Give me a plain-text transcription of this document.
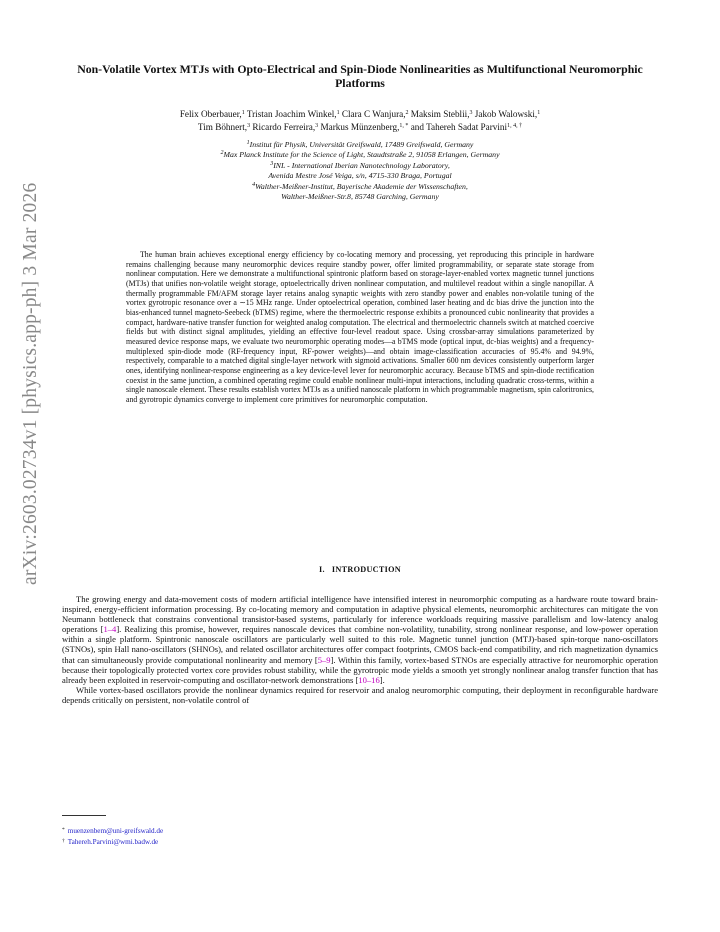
arXiv:2603.02734v1 [physics.app-ph] 3 Mar 2026
Non-Volatile Vortex MTJs with Opto-Electrical and Spin-Diode Nonlinearities as Multifunctional Neuromorphic Platforms
Felix Oberbauer,$^1$ Tristan Joachim Winkel,$^1$ Clara C Wanjura,$^2$ Maksim Steblii,$^3$ Jakob Walowski,$^1$
Tim Böhnert,$^3$ Ricardo Ferreira,$^3$ Markus Münzenberg,$^{1, *}$ and Tahereh Sadat Parvini$^{1, 4, \dagger}$
$^1$Institut für Physik, Universität Greifswald, 17489 Greifswald, Germany
$^2$Max Planck Institute for the Science of Light, Staudtstraße 2, 91058 Erlangen, Germany
$^3$INL - International Iberian Nanotechnology Laboratory,
Avenida Mestre José Veiga, s/n, 4715-330 Braga, Portugal
$^4$Walther-Meißner-Institut, Bayerische Akademie der Wissenschaften,
Walther-Meißner-Str.8, 85748 Garching, Germany

The human brain achieves exceptional energy efficiency by co-locating memory and processing, yet reproducing this principle in hardware remains challenging because many neuromorphic devices require standby power, offer limited programmability, or separate state storage from nonlinear computation. Here we demonstrate a multifunctional spintronic platform based on storage-layer-enabled vortex magnetic tunnel junctions (MTJs) that unifies non-volatile weight storage, optoelectrically driven nonlinear computation, and multilevel readout within a single nanopillar. A thermally programmable FM/AFM storage layer retains analog synaptic weights with zero standby power and enables non-volatile tuning of the vortex gyrotropic resonance over a ∼15 MHz range. Under optoelectrical operation, combined laser heating and dc bias drive the junction into the bias-enhanced tunnel magneto-Seebeck (bTMS) regime, where the thermoelectric response exhibits a pronounced cubic nonlinearity that provides a compact, hardware-native transfer function for weighted analog computation. The electrical and thermoelectric channels switch at matched coercive fields but with distinct signal amplitudes, yielding an effective four-level readout space. Using crossbar-array simulations parameterized by measured device response maps, we evaluate two neuromorphic operating modes—a bTMS mode (optical input, dc-bias weights) and a frequency-multiplexed spin-diode mode (RF-frequency input, RF-power weights)—and obtain image-classification accuracies of 95.4% and 94.9%, respectively, comparable to a matched digital single-layer network with sigmoid activations. Smaller 600 nm devices consistently outperform larger ones, identifying nonlinear-response engineering as a key device-level lever for neuromorphic accuracy. Because bTMS and spin-diode rectification coexist in the same junction, a combined operating regime could enable nonlinear multi-input interactions, including quadratic cross-terms, within a single nanoscale element. These results establish vortex MTJs as a unified nanoscale platform in which programmable magnetism, spin caloritronics, and gyrotropic dynamics converge to implement core primitives for neuromorphic computation.

I. INTRODUCTION

The growing energy and data-movement costs of modern artificial intelligence have intensified interest in neuromorphic computing as a hardware route toward brain-inspired, energy-efficient information processing. By co-locating memory and computation in adaptive physical elements, neuromorphic architectures can mitigate the von Neumann bottleneck that constrains conventional transistor-based systems, particularly for inference workloads requiring massive parallelism and low-latency analog operations [1–4]. Realizing this promise, however, requires nanoscale devices that combine non-volatility, tunability, strong nonlinear response, and low-power operation within a single platform. Spintronic nanoscale oscillators are particularly well suited to this role. Magnetic tunnel junction (MTJ)-based spin-torque nano-oscillators (STNOs), spin Hall nano-oscillators (SHNOs), and related oscillator architectures offer compact footprints, CMOS back-end compatibility, and rich magnetization dynamics that can simultaneously provide computational nonlinearity and memory [5–9]. Within this family, vortex-based STNOs are especially attractive for neuromorphic operation because their topologically protected vortex core provides robust stability, while the gyrotropic mode yields a smooth yet strongly nonlinear analog transfer function that has already been exploited in reservoir-computing and oscillator-network demonstrations [10–16].

While vortex-based oscillators provide the nonlinear dynamics required for reservoir and analog neuromorphic computing, their deployment in reconfigurable hardware depends critically on persistent, non-volatile control of

* muenzenbem@uni-greifswald.de
† Tahereh.Parvini@wmi.badw.de
